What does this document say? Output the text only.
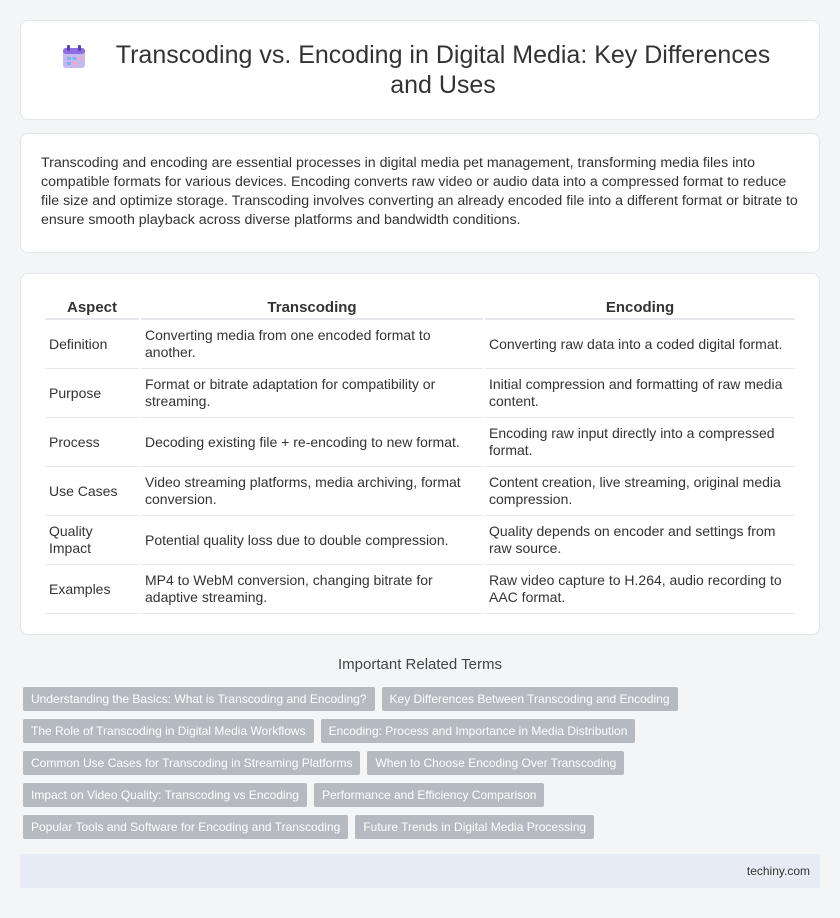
Transcoding vs. Encoding in Digital Media: Key Differences and Uses

Transcoding and encoding are essential processes in digital media pet management, transforming media files into compatible formats for various devices. Encoding converts raw video or audio data into a compressed format to reduce file size and optimize storage. Transcoding involves converting an already encoded file into a different format or bitrate to ensure smooth playback across diverse platforms and bandwidth conditions.

Aspect	Transcoding	Encoding
Definition	Converting media from one encoded format to another.	Converting raw data into a coded digital format.
Purpose	Format or bitrate adaptation for compatibility or streaming.	Initial compression and formatting of raw media content.
Process	Decoding existing file + re-encoding to new format.	Encoding raw input directly into a compressed format.
Use Cases	Video streaming platforms, media archiving, format conversion.	Content creation, live streaming, original media compression.
Quality Impact	Potential quality loss due to double compression.	Quality depends on encoder and settings from raw source.
Examples	MP4 to WebM conversion, changing bitrate for adaptive streaming.	Raw video capture to H.264, audio recording to AAC format.
Important Related Terms
Understanding the Basics: What is Transcoding and Encoding?	Key Differences Between Transcoding and Encoding
The Role of Transcoding in Digital Media Workflows	Encoding: Process and Importance in Media Distribution
Common Use Cases for Transcoding in Streaming Platforms	When to Choose Encoding Over Transcoding
Impact on Video Quality: Transcoding vs Encoding	Performance and Efficiency Comparison
Popular Tools and Software for Encoding and Transcoding	Future Trends in Digital Media Processing
techiny.com
